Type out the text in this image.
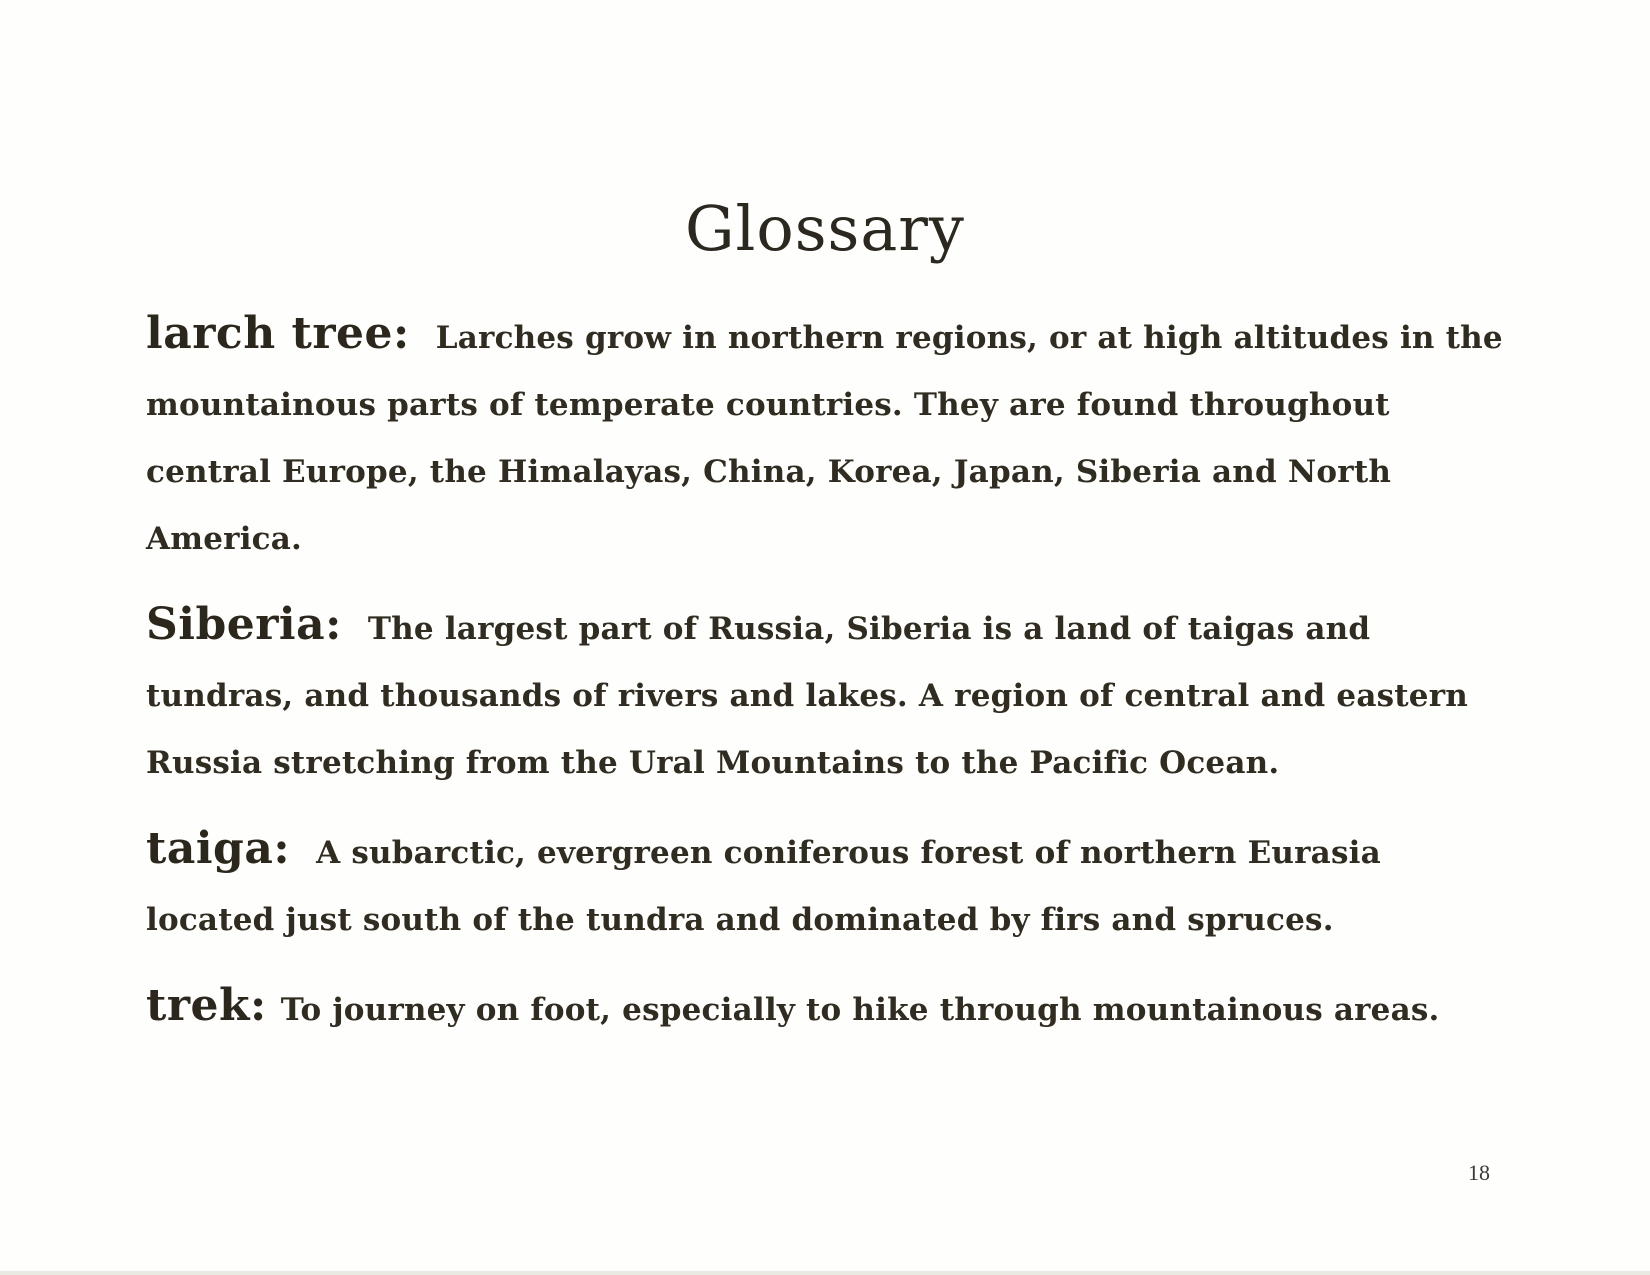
Glossary

larch tree: Larches grow in northern regions, or at high altitudes in the mountainous parts of temperate countries. They are found throughout central Europe, the Himalayas, China, Korea, Japan, Siberia and North America.

Siberia: The largest part of Russia, Siberia is a land of taigas and tundras, and thousands of rivers and lakes. A region of central and eastern Russia stretching from the Ural Mountains to the Pacific Ocean.

taiga: A subarctic, evergreen coniferous forest of northern Eurasia located just south of the tundra and dominated by firs and spruces.

trek: To journey on foot, especially to hike through mountainous areas.

18
